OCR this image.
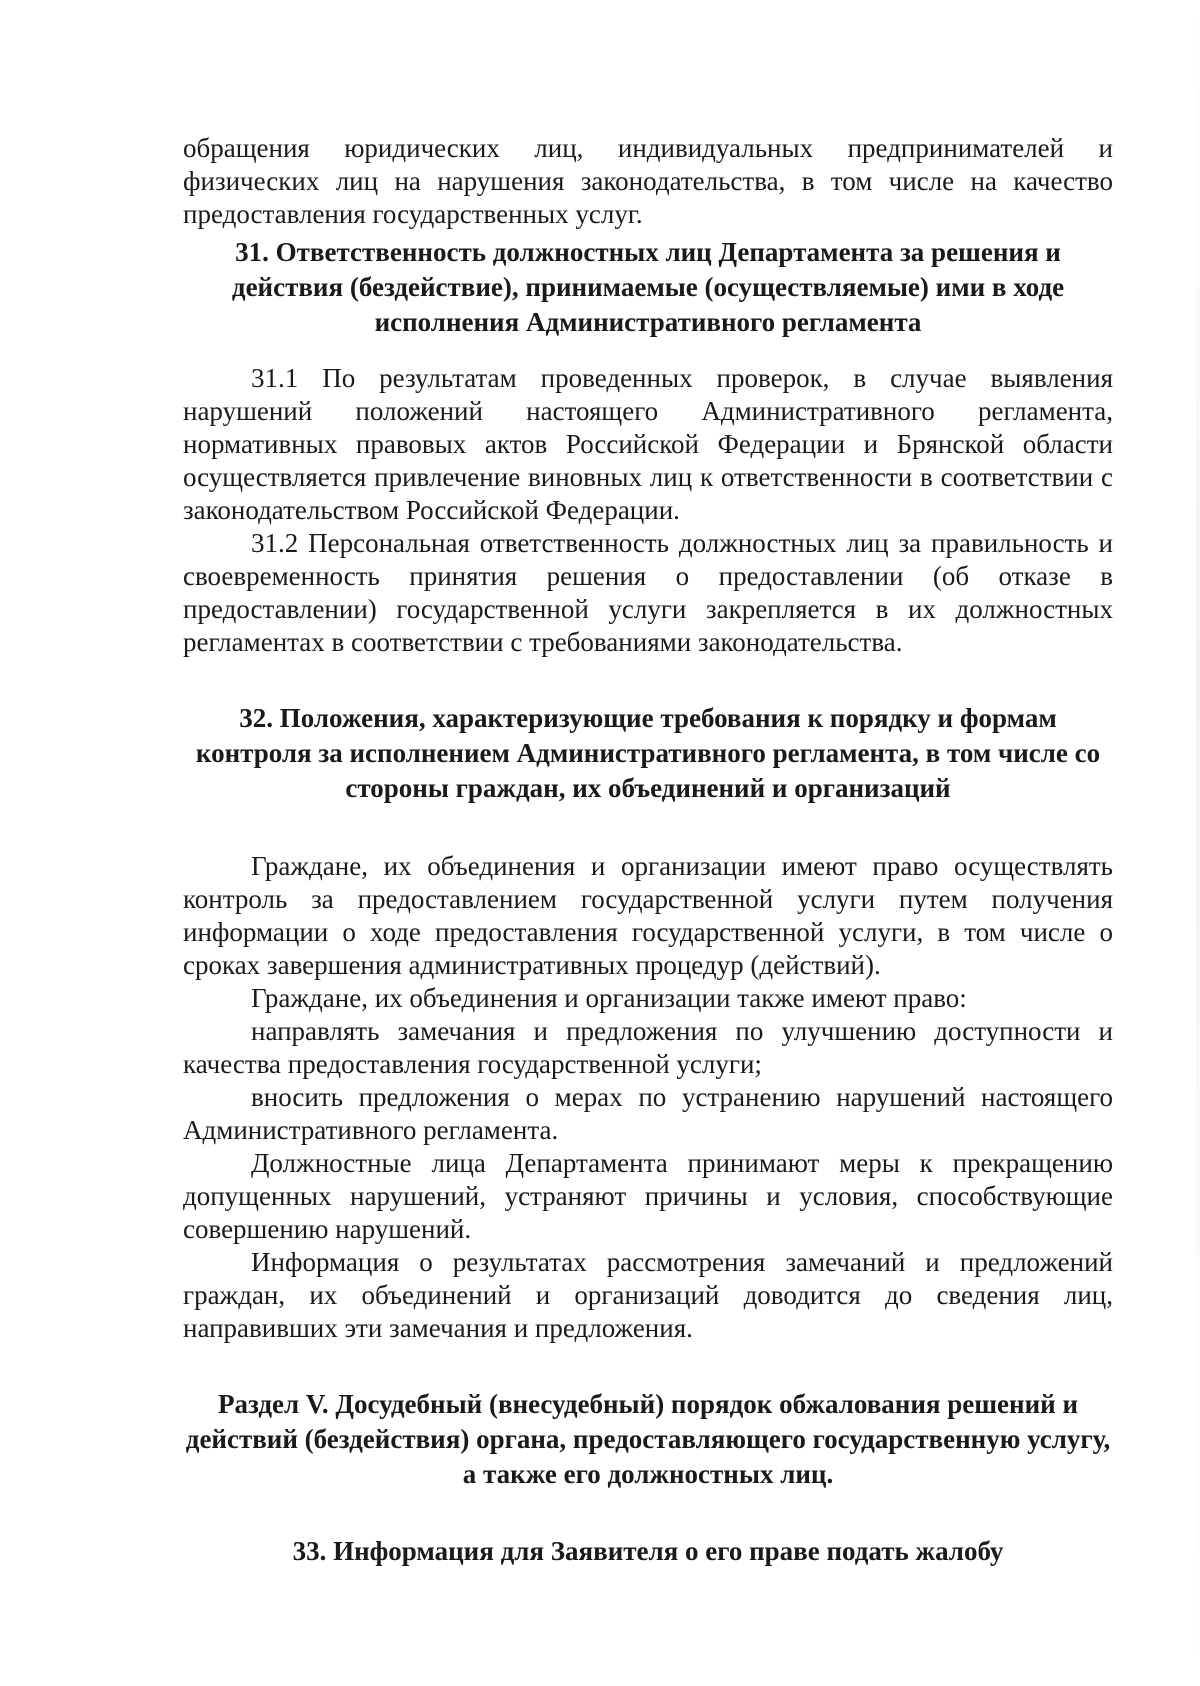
обращения юридических лиц, индивидуальных предпринимателей и физических лиц на нарушения законодательства, в том числе на качество предоставления государственных услуг.

31. Ответственность должностных лиц Департамента за решения и действия (бездействие), принимаемые (осуществляемые) ими в ходе исполнения Административного регламента

31.1 По результатам проведенных проверок, в случае выявления нарушений положений настоящего Административного регламента, нормативных правовых актов Российской Федерации и Брянской области осуществляется привлечение виновных лиц к ответственности в соответствии с законодательством Российской Федерации.

31.2 Персональная ответственность должностных лиц за правильность и своевременность принятия решения о предоставлении (об отказе в предоставлении) государственной услуги закрепляется в их должностных регламентах в соответствии с требованиями законодательства.

32. Положения, характеризующие требования к порядку и формам контроля за исполнением Административного регламента, в том числе со стороны граждан, их объединений и организаций

Граждане, их объединения и организации имеют право осуществлять контроль за предоставлением государственной услуги путем получения информации о ходе предоставления государственной услуги, в том числе о сроках завершения административных процедур (действий).

Граждане, их объединения и организации также имеют право:

направлять замечания и предложения по улучшению доступности и качества предоставления государственной услуги;

вносить предложения о мерах по устранению нарушений настоящего Административного регламента.

Должностные лица Департамента принимают меры к прекращению допущенных нарушений, устраняют причины и условия, способствующие совершению нарушений.

Информация о результатах рассмотрения замечаний и предложений граждан, их объединений и организаций доводится до сведения лиц, направивших эти замечания и предложения.

Раздел V. Досудебный (внесудебный) порядок обжалования решений и действий (бездействия) органа, предоставляющего государственную услугу, а также его должностных лиц.
33. Информация для Заявителя о его праве подать жалобу
